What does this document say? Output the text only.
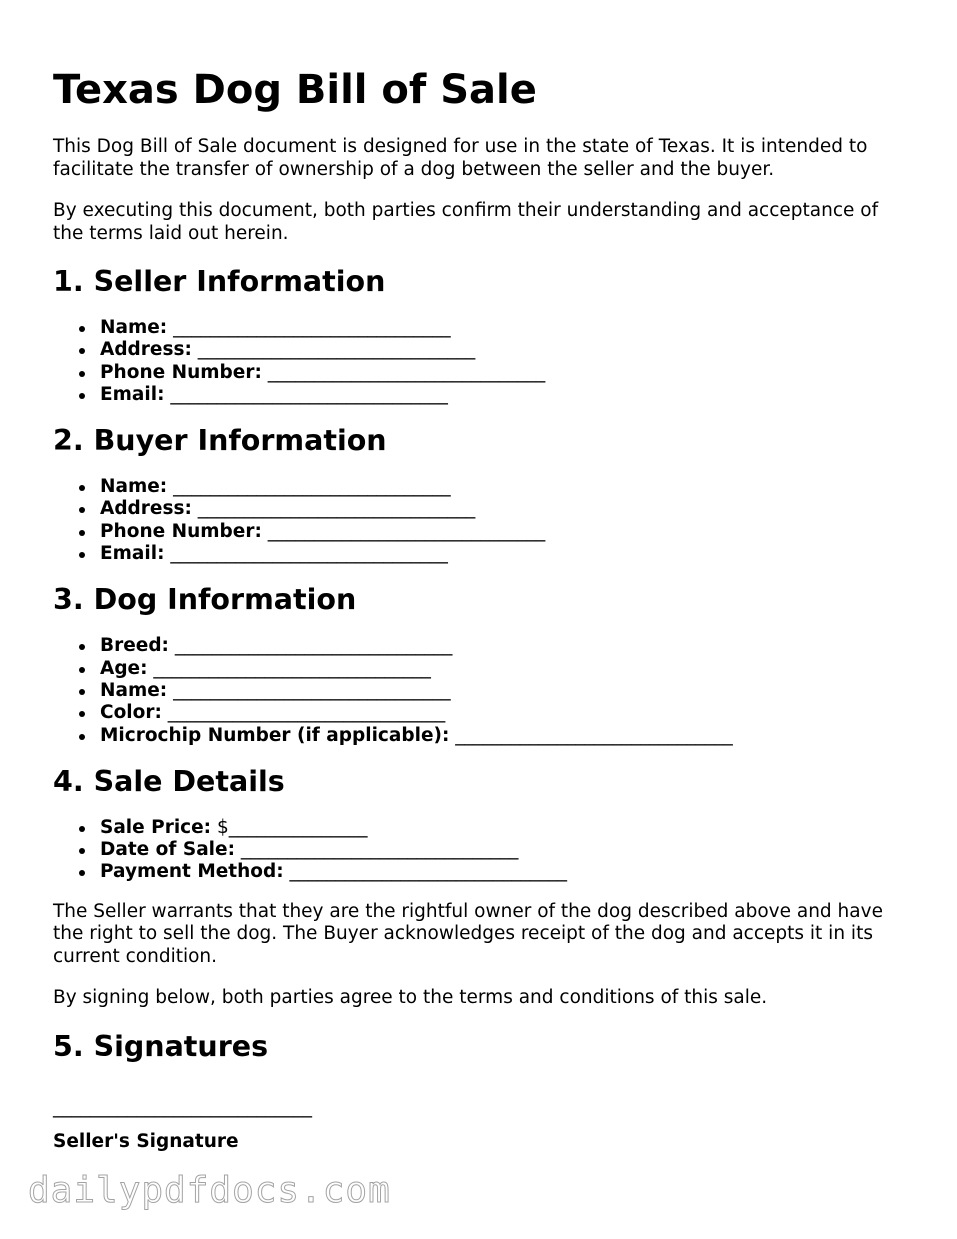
Texas Dog Bill of Sale

This Dog Bill of Sale document is designed for use in the state of Texas. It is intended to facilitate the transfer of ownership of a dog between the seller and the buyer.

By executing this document, both parties confirm their understanding and acceptance of the terms laid out herein.

1. Seller Information
Name: ______________________________
Address: ______________________________
Phone Number: ______________________________
Email: ______________________________
2. Buyer Information
Name: ______________________________
Address: ______________________________
Phone Number: ______________________________
Email: ______________________________
3. Dog Information
Breed: ______________________________
Age: ______________________________
Name: ______________________________
Color: ______________________________
Microchip Number (if applicable): ______________________________
4. Sale Details
Sale Price: $_______________
Date of Sale: ______________________________
Payment Method: ______________________________

The Seller warrants that they are the rightful owner of the dog described above and have the right to sell the dog. The Buyer acknowledges receipt of the dog and accepts it in its current condition.

By signing below, both parties agree to the terms and conditions of this sale.

5. Signatures
____________________________
Seller's Signature
dailypdfdocs.com
